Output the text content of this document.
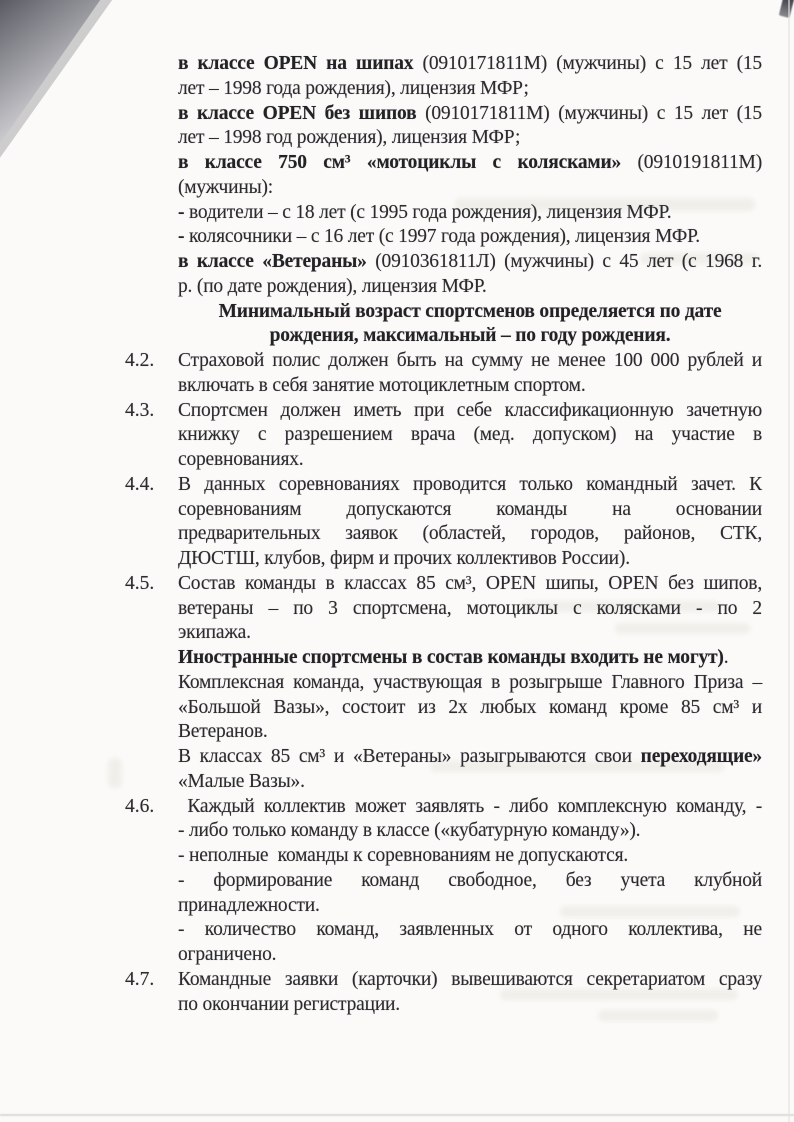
в классе OPEN на шипах (0910171811М) (мужчины) с 15 лет (15
лет – 1998 года рождения), лицензия МФР;
в классе OPEN без шипов (0910171811М) (мужчины) с 15 лет (15
лет – 1998 год рождения), лицензия МФР;
в классе 750 см³ «мотоциклы с колясками» (0910191811М)
(мужчины):
- водители – с 18 лет (с 1995 года рождения), лицензия МФР.
- колясочники – с 16 лет (с 1997 года рождения), лицензия МФР.
в классе «Ветераны» (0910361811Л) (мужчины) с 45 лет (с 1968 г.
р. (по дате рождения), лицензия МФР.
Минимальный возраст спортсменов определяется по дате
рождения, максимальный – по году рождения.
4.2.	Страховой полис должен быть на сумму не менее 100 000 рублей и
включать в себя занятие мотоциклетным спортом.
4.3.	Спортсмен должен иметь при себе классификационную зачетную
книжку с разрешением врача (мед. допуском) на участие в
соревнованиях.
4.4.	В данных соревнованиях проводится только командный зачет. К
соревнованиям допускаются команды на основании
предварительных заявок (областей, городов, районов, СТК,
ДЮСТШ, клубов, фирм и прочих коллективов России).
4.5.	Состав команды в классах 85 см³, OPEN шипы, OPEN без шипов,
ветераны – по 3 спортсмена, мотоциклы с колясками - по 2
экипажа.
Иностранные спортсмены в состав команды входить не могут).
Комплексная команда, участвующая в розыгрыше Главного Приза –
«Большой Вазы», состоит из 2х любых команд кроме 85 см³ и
Ветеранов.
В классах 85 см³ и «Ветераны» разыгрываются свои переходящие»
«Малые Вазы».
4.6.	Каждый коллектив может заявлять - либо комплексную команду, -
- либо только команду в классе («кубатурную команду»).
- неполные  команды к соревнованиям не допускаются.
- формирование команд свободное, без учета клубной
принадлежности.
- количество команд, заявленных от одного коллектива, не
ограничено.
4.7.	Командные заявки (карточки) вывешиваются секретариатом сразу
по окончании регистрации.
